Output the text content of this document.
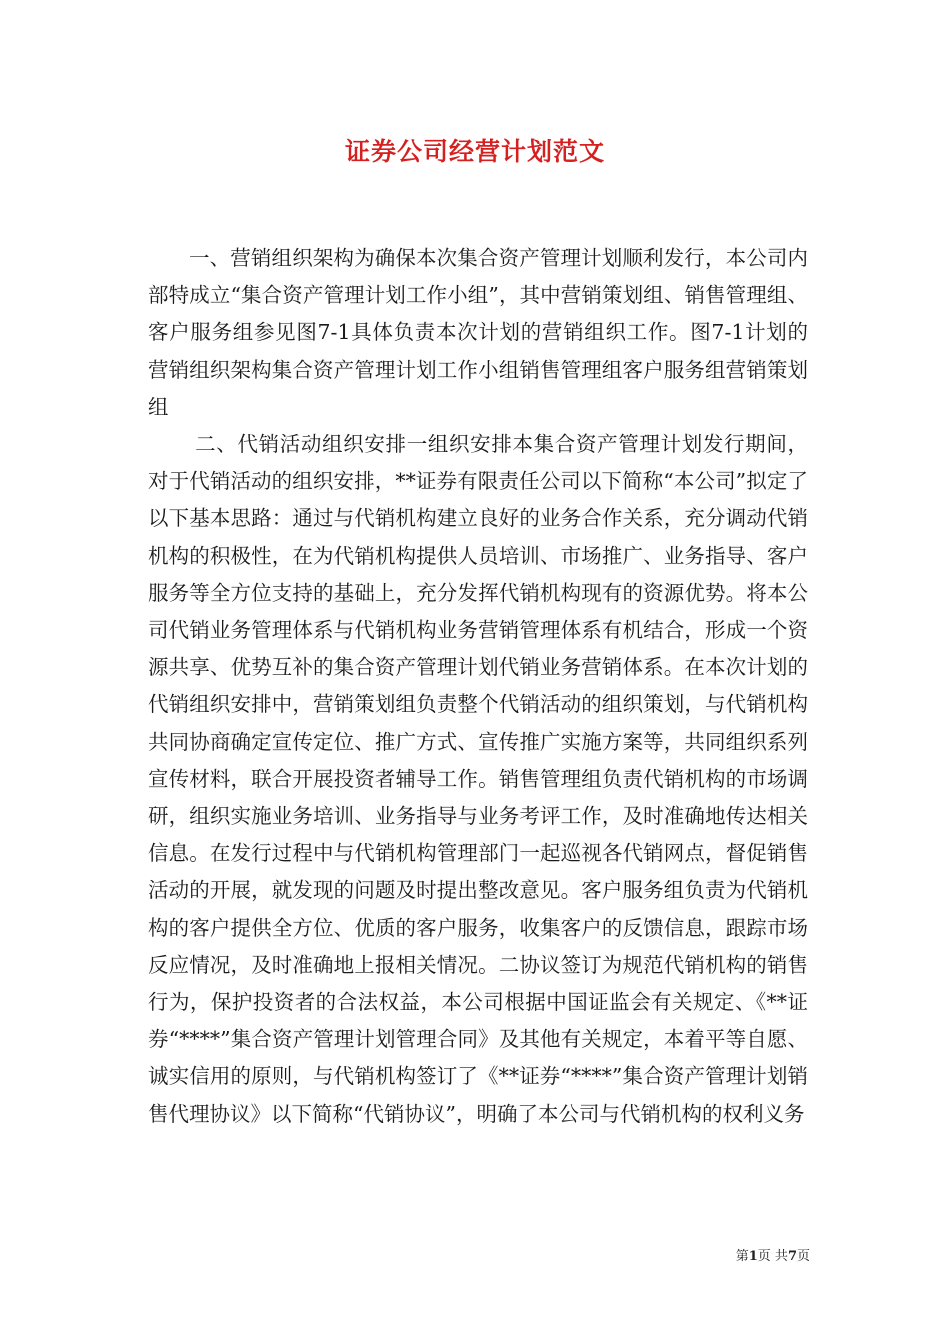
证券公司经营计划范文

一、营销组织架构为确保本次集合资产管理计划顺利发行，本公司内部特成立“集合资产管理计划工作小组”，其中营销策划组、销售管理组、客户服务组参见图7-1具体负责本次计划的营销组织工作。图7-1计划的营销组织架构集合资产管理计划工作小组销售管理组客户服务组营销策划组

二、代销活动组织安排一组织安排本集合资产管理计划发行期间，对于代销活动的组织安排，**证券有限责任公司以下简称“本公司”拟定了以下基本思路：通过与代销机构建立良好的业务合作关系，充分调动代销机构的积极性，在为代销机构提供人员培训、市场推广、业务指导、客户服务等全方位支持的基础上，充分发挥代销机构现有的资源优势。将本公司代销业务管理体系与代销机构业务营销管理体系有机结合，形成一个资源共享、优势互补的集合资产管理计划代销业务营销体系。在本次计划的代销组织安排中，营销策划组负责整个代销活动的组织策划，与代销机构共同协商确定宣传定位、推广方式、宣传推广实施方案等，共同组织系列宣传材料，联合开展投资者辅导工作。销售管理组负责代销机构的市场调研，组织实施业务培训、业务指导与业务考评工作，及时准确地传达相关信息。在发行过程中与代销机构管理部门一起巡视各代销网点，督促销售活动的开展，就发现的问题及时提出整改意见。客户服务组负责为代销机构的客户提供全方位、优质的客户服务，收集客户的反馈信息，跟踪市场反应情况，及时准确地上报相关情况。二协议签订为规范代销机构的销售行为，保护投资者的合法权益，本公司根据中国证监会有关规定、《**证券“****”集合资产管理计划管理合同》及其他有关规定，本着平等自愿、诚实信用的原则，与代销机构签订了《**证券“****”集合资产管理计划销售代理协议》以下简称“代销协议”，明确了本公司与代销机构的权利义务

第1页 共7页
